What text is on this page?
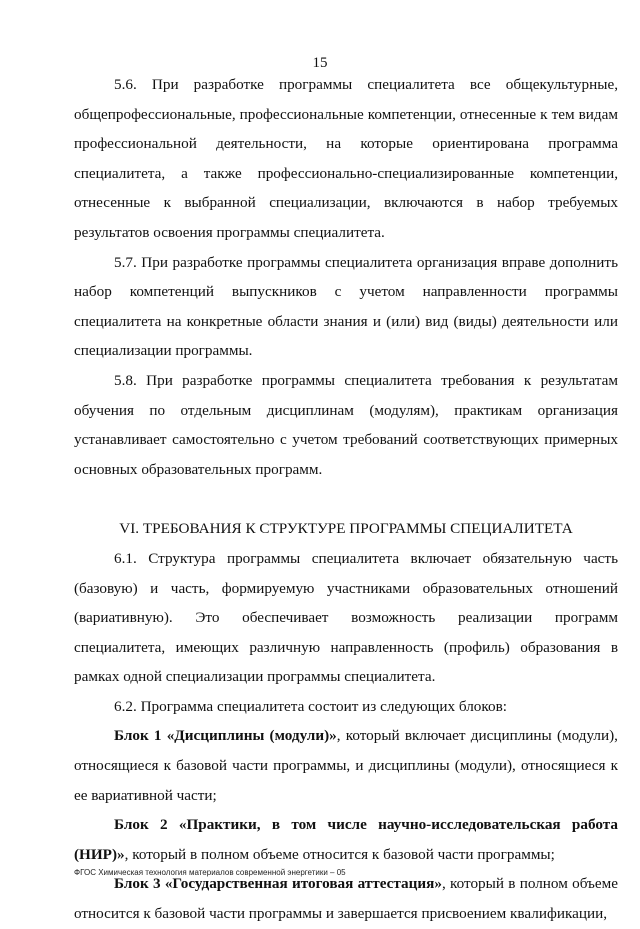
15

5.6. При разработке программы специалитета все общекультурные, общепрофессиональные, профессиональные компетенции, отнесенные к тем видам профессиональной деятельности, на которые ориентирована программа специалитета, а также профессионально-специализированные компетенции, отнесенные к выбранной специализации, включаются в набор требуемых результатов освоения программы специалитета.

5.7. При разработке программы специалитета организация вправе дополнить набор компетенций выпускников с учетом направленности программы специалитета на конкретные области знания и (или) вид (виды) деятельности или специализации программы.

5.8. При разработке программы специалитета требования к результатам обучения по отдельным дисциплинам (модулям), практикам организация устанавливает самостоятельно с учетом требований соответствующих примерных основных образовательных программ.

VI. ТРЕБОВАНИЯ К СТРУКТУРЕ ПРОГРАММЫ СПЕЦИАЛИТЕТА

6.1. Структура программы специалитета включает обязательную часть (базовую) и часть, формируемую участниками образовательных отношений (вариативную). Это обеспечивает возможность реализации программ специалитета, имеющих различную направленность (профиль) образования в рамках одной специализации программы специалитета.

6.2. Программа специалитета состоит из следующих блоков:

Блок 1 «Дисциплины (модули)», который включает дисциплины (модули), относящиеся к базовой части программы, и дисциплины (модули), относящиеся к ее вариативной части;

Блок 2 «Практики, в том числе научно-исследовательская работа (НИР)», который в полном объеме относится к базовой части программы;

Блок 3 «Государственная итоговая аттестация», который в полном объеме относится к базовой части программы и завершается присвоением квалификации,

ФГОС Химическая технология материалов современной энергетики – 05
